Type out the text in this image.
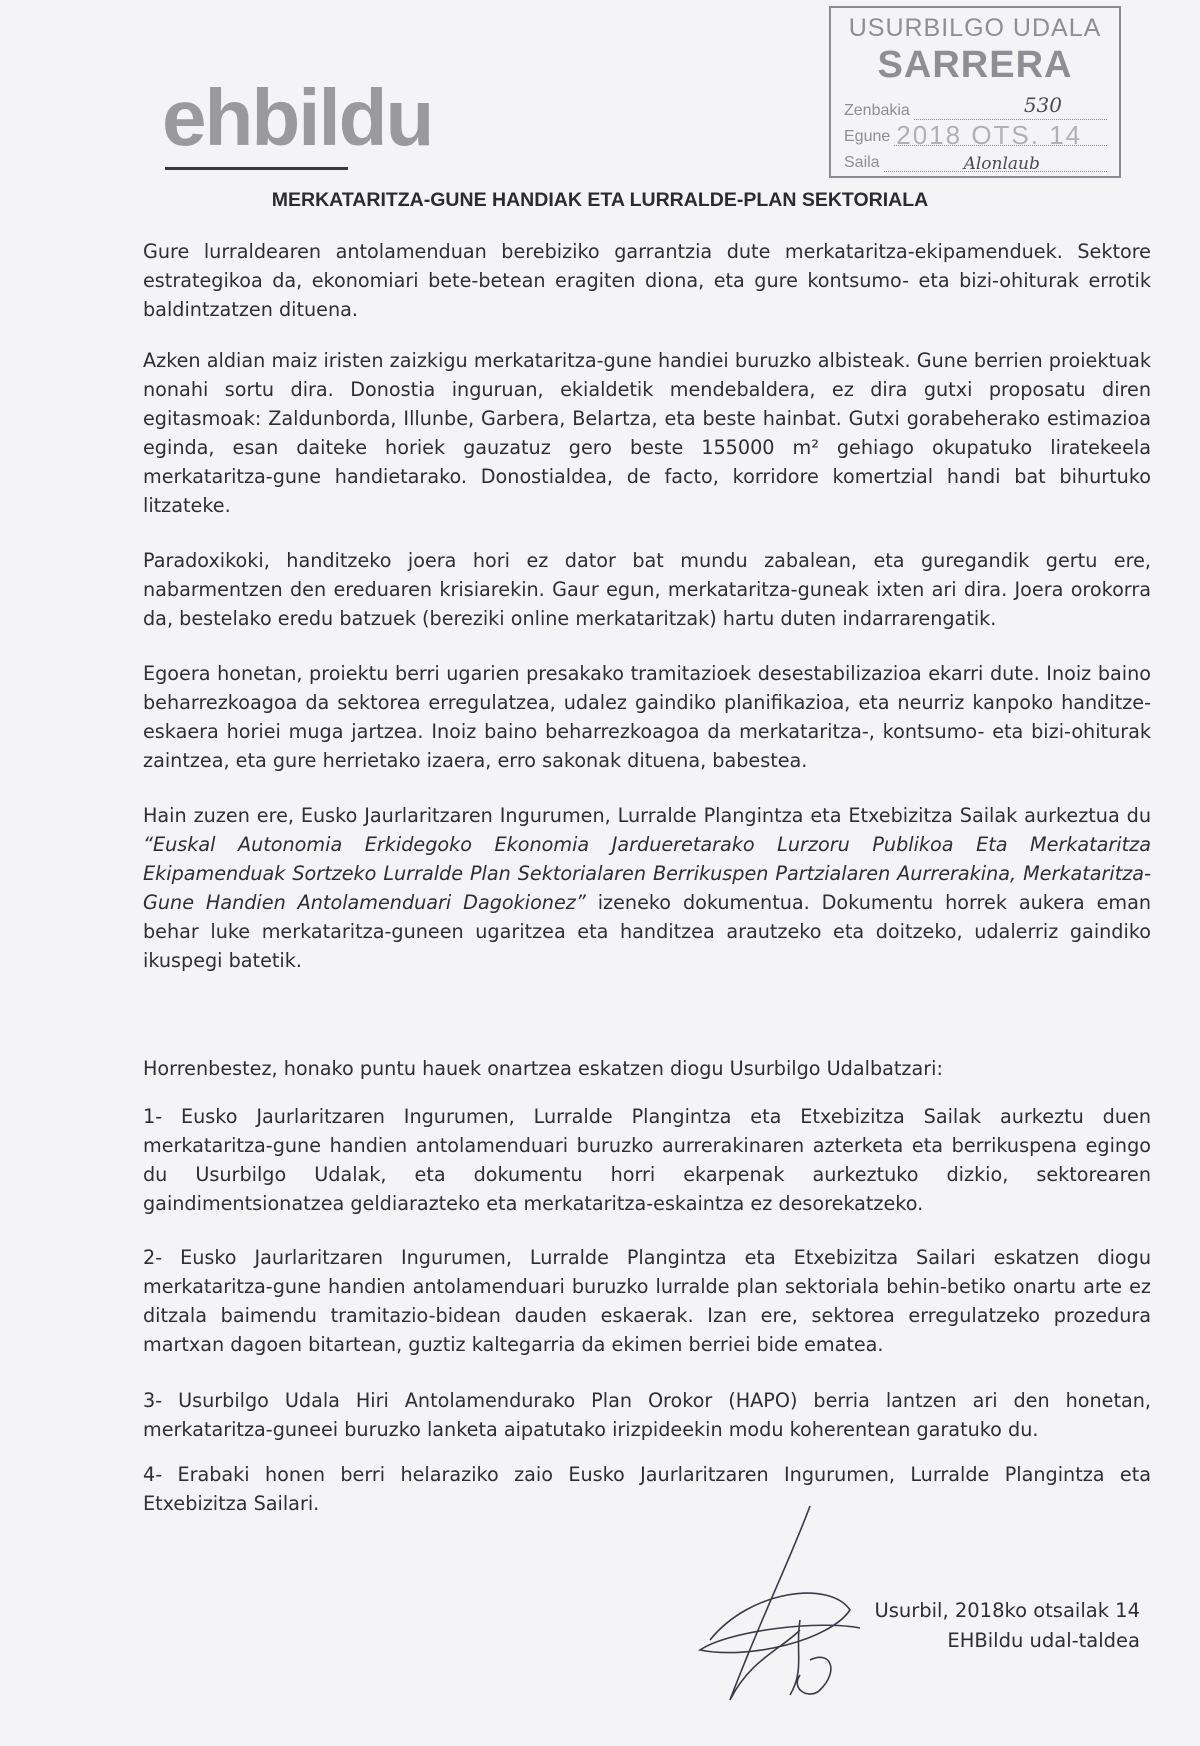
ehbildu
USURBILGO UDALA
SARRERA
Zenbakia	530
Egune 2018 OTS. 14
Saila	Alonlaub
MERKATARITZA-GUNE HANDIAK ETA LURRALDE-PLAN SEKTORIALA
Gure lurraldearen antolamenduan berebiziko garrantzia dute merkataritza-ekipamenduek. Sektore estrategikoa da, ekonomiari bete-betean eragiten diona, eta gure kontsumo- eta bizi-ohiturak errotik baldintzatzen dituena.
Azken aldian maiz iristen zaizkigu merkataritza-gune handiei buruzko albisteak. Gune berrien proiektuak nonahi sortu dira. Donostia inguruan, ekialdetik mendebaldera, ez dira gutxi proposatu diren egitasmoak: Zaldunborda, Illunbe, Garbera, Belartza, eta beste hainbat. Gutxi gorabeherako estimazioa eginda, esan daiteke horiek gauzatuz gero beste 155000 m² gehiago okupatuko liratekeela merkataritza-gune handietarako. Donostialdea, de facto, korridore komertzial handi bat bihurtuko litzateke.
Paradoxikoki, handitzeko joera hori ez dator bat mundu zabalean, eta guregandik gertu ere, nabarmentzen den ereduaren krisiarekin. Gaur egun, merkataritza-guneak ixten ari dira. Joera orokorra da, bestelako eredu batzuek (bereziki online merkataritzak) hartu duten indarrarengatik.
Egoera honetan, proiektu berri ugarien presakako tramitazioek desestabilizazioa ekarri dute. Inoiz baino beharrezkoagoa da sektorea erregulatzea, udalez gaindiko planifikazioa, eta neurriz kanpoko handitze-eskaera horiei muga jartzea. Inoiz baino beharrezkoagoa da merkataritza-, kontsumo- eta bizi-ohiturak zaintzea, eta gure herrietako izaera, erro sakonak dituena, babestea.
Hain zuzen ere, Eusko Jaurlaritzaren Ingurumen, Lurralde Plangintza eta Etxebizitza Sailak aurkeztua du “Euskal Autonomia Erkidegoko Ekonomia Jardueretarako Lurzoru Publikoa Eta Merkataritza Ekipamenduak Sortzeko Lurralde Plan Sektorialaren Berrikuspen Partzialaren Aurrerakina, Merkataritza-Gune Handien Antolamenduari Dagokionez” izeneko dokumentua. Dokumentu horrek aukera eman behar luke merkataritza-guneen ugaritzea eta handitzea arautzeko eta doitzeko, udalerriz gaindiko ikuspegi batetik.
Horrenbestez, honako puntu hauek onartzea eskatzen diogu Usurbilgo Udalbatzari:
1- Eusko Jaurlaritzaren Ingurumen, Lurralde Plangintza eta Etxebizitza Sailak aurkeztu duen merkataritza-gune handien antolamenduari buruzko aurrerakinaren azterketa eta berrikuspena egingo du Usurbilgo Udalak, eta dokumentu horri ekarpenak aurkeztuko dizkio, sektorearen gaindimentsionatzea geldiarazteko eta merkataritza-eskaintza ez desorekatzeko.
2- Eusko Jaurlaritzaren Ingurumen, Lurralde Plangintza eta Etxebizitza Sailari eskatzen diogu merkataritza-gune handien antolamenduari buruzko lurralde plan sektoriala behin-betiko onartu arte ez ditzala baimendu tramitazio-bidean dauden eskaerak. Izan ere, sektorea erregulatzeko prozedura martxan dagoen bitartean, guztiz kaltegarria da ekimen berriei bide ematea.
3- Usurbilgo Udala Hiri Antolamendurako Plan Orokor (HAPO) berria lantzen ari den honetan, merkataritza-guneei buruzko lanketa aipatutako irizpideekin modu koherentean garatuko du.
4- Erabaki honen berri helaraziko zaio Eusko Jaurlaritzaren Ingurumen, Lurralde Plangintza eta Etxebizitza Sailari.
Usurbil, 2018ko otsailak 14
EHBildu udal-taldea
